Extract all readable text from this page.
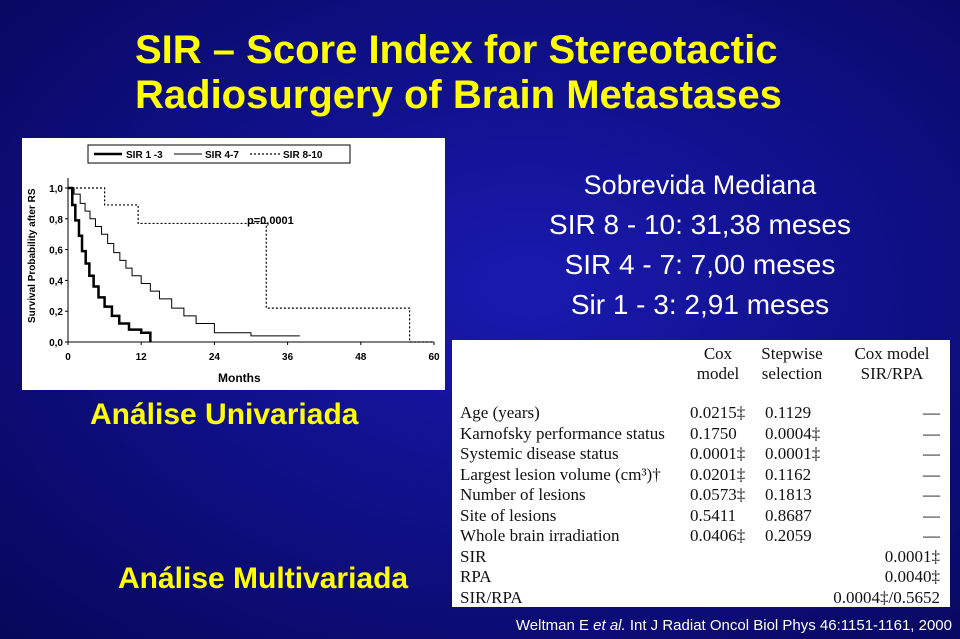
SIR – Score Index for Stereotactic
Radiosurgery of Brain Metastases
SIR 1 -3	SIR 4-7	SIR 8-10
p=0,0001
Survival Probability after RS
Months
0	12	24	36	48	60
0,0
0,2
0,4
0,6
0,8
1,0	Sobrevida Mediana
SIR 8 - 10: 31,38 meses
SIR 4 - 7: 7,00 meses
Sir 1 - 3: 2,91 meses
Análise Univariada
Análise Multivariada
Cox
model
Stepwise
selection
Cox model
SIR/RPA
Age (years)	0.0215‡ 0.1129	—
Karnofsky performance status 0.1750 0.0004‡	—
Systemic disease status	0.0001‡ 0.0001‡	—
Largest lesion volume (cm³)† 0.0201‡ 0.1162	—
Number of lesions	0.0573‡ 0.1813	—
Site of lesions	0.5411 0.8687	—
Whole brain irradiation	0.0406‡ 0.2059	—
SIR	0.0001‡
RPA	0.0040‡
SIR/RPA	0.0004‡/0.5652
Weltman E et al. Int J Radiat Oncol Biol Phys 46:1151-1161, 2000
